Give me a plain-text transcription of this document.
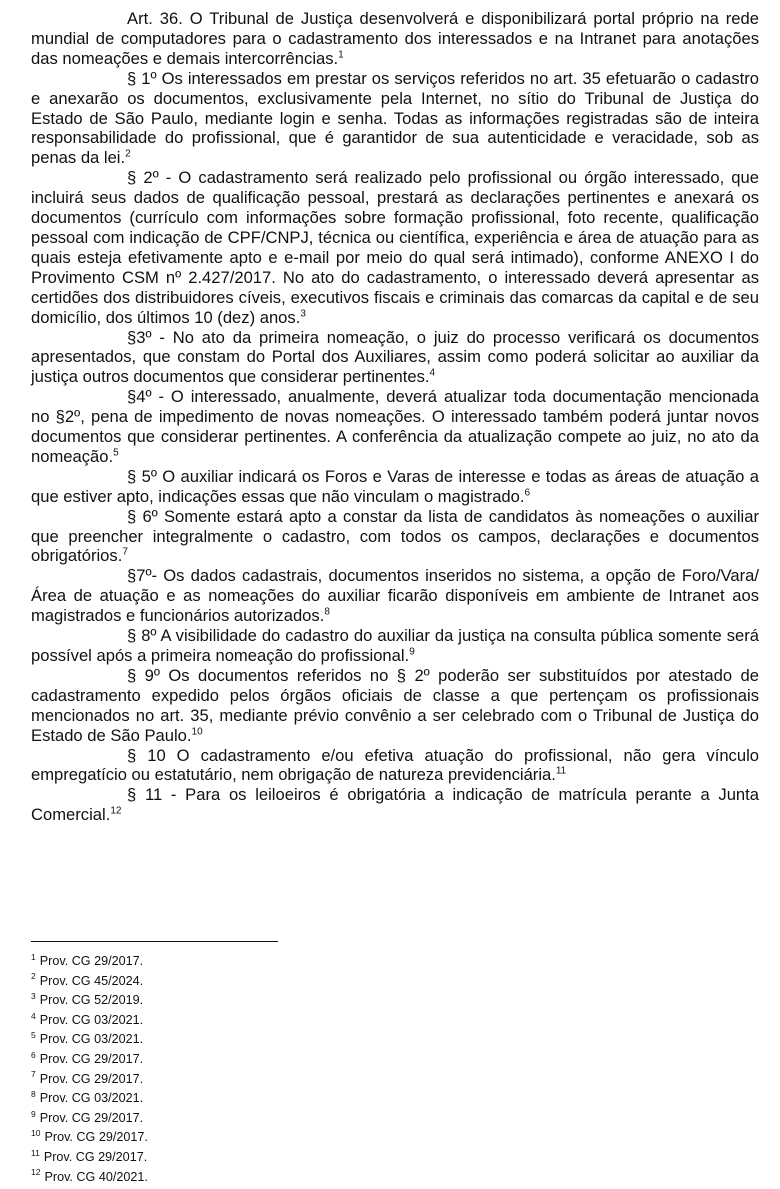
Art. 36. O Tribunal de Justiça desenvolverá e disponibilizará portal próprio na rede mundial de computadores para o cadastramento dos interessados e na Intranet para anotações das nomeações e demais intercorrências.$^1$

§ 1º Os interessados em prestar os serviços referidos no art. 35 efetuarão o cadastro e anexarão os documentos, exclusivamente pela Internet, no sítio do Tribunal de Justiça do Estado de São Paulo, mediante login e senha. Todas as informações registradas são de inteira responsabilidade do profissional, que é garantidor de sua autenticidade e veracidade, sob as penas da lei.$^2$

§ 2º - O cadastramento será realizado pelo profissional ou órgão interessado, que incluirá seus dados de qualificação pessoal, prestará as declarações pertinentes e anexará os documentos (currículo com informações sobre formação profissional, foto recente, qualificação pessoal com indicação de CPF/CNPJ, técnica ou científica, experiência e área de atuação para as quais esteja efetivamente apto e e-mail por meio do qual será intimado), conforme ANEXO I do Provimento CSM nº 2.427/2017. No ato do cadastramento, o interessado deverá apresentar as certidões dos distribuidores cíveis, executivos fiscais e criminais das comarcas da capital e de seu domicílio, dos últimos 10 (dez) anos.$^3$

§3º - No ato da primeira nomeação, o juiz do processo verificará os documentos apresentados, que constam do Portal dos Auxiliares, assim como poderá solicitar ao auxiliar da justiça outros documentos que considerar pertinentes.$^4$

§4º - O interessado, anualmente, deverá atualizar toda documentação mencionada no §2º, pena de impedimento de novas nomeações. O interessado também poderá juntar novos documentos que considerar pertinentes. A conferência da atualização compete ao juiz, no ato da nomeação.$^5$

§ 5º O auxiliar indicará os Foros e Varas de interesse e todas as áreas de atuação a que estiver apto, indicações essas que não vinculam o magistrado.$^6$

§ 6º Somente estará apto a constar da lista de candidatos às nomeações o auxiliar que preencher integralmente o cadastro, com todos os campos, declarações e documentos obrigatórios.$^7$

§7º- Os dados cadastrais, documentos inseridos no sistema, a opção de Foro/Vara/Área de atuação e as nomeações do auxiliar ficarão disponíveis em ambiente de Intranet aos magistrados e funcionários autorizados.$^8$

§ 8º A visibilidade do cadastro do auxiliar da justiça na consulta pública somente será possível após a primeira nomeação do profissional.$^9$

§ 9º Os documentos referidos no § 2º poderão ser substituídos por atestado de cadastramento expedido pelos órgãos oficiais de classe a que pertençam os profissionais mencionados no art. 35, mediante prévio convênio a ser celebrado com o Tribunal de Justiça do Estado de São Paulo.$^{10}$

§ 10 O cadastramento e/ou efetiva atuação do profissional, não gera vínculo empregatício ou estatutário, nem obrigação de natureza previdenciária.$^{11}$

§ 11 - Para os leiloeiros é obrigatória a indicação de matrícula perante a Junta Comercial.$^{12}$

$^1$ Prov. CG 29/2017.

$^2$ Prov. CG 45/2024.

$^3$ Prov. CG 52/2019.

$^4$ Prov. CG 03/2021.

$^5$ Prov. CG 03/2021.

$^6$ Prov. CG 29/2017.

$^7$ Prov. CG 29/2017.

$^8$ Prov. CG 03/2021.

$^9$ Prov. CG 29/2017.

$^{10}$ Prov. CG 29/2017.

$^{11}$ Prov. CG 29/2017.

$^{12}$ Prov. CG 40/2021.
